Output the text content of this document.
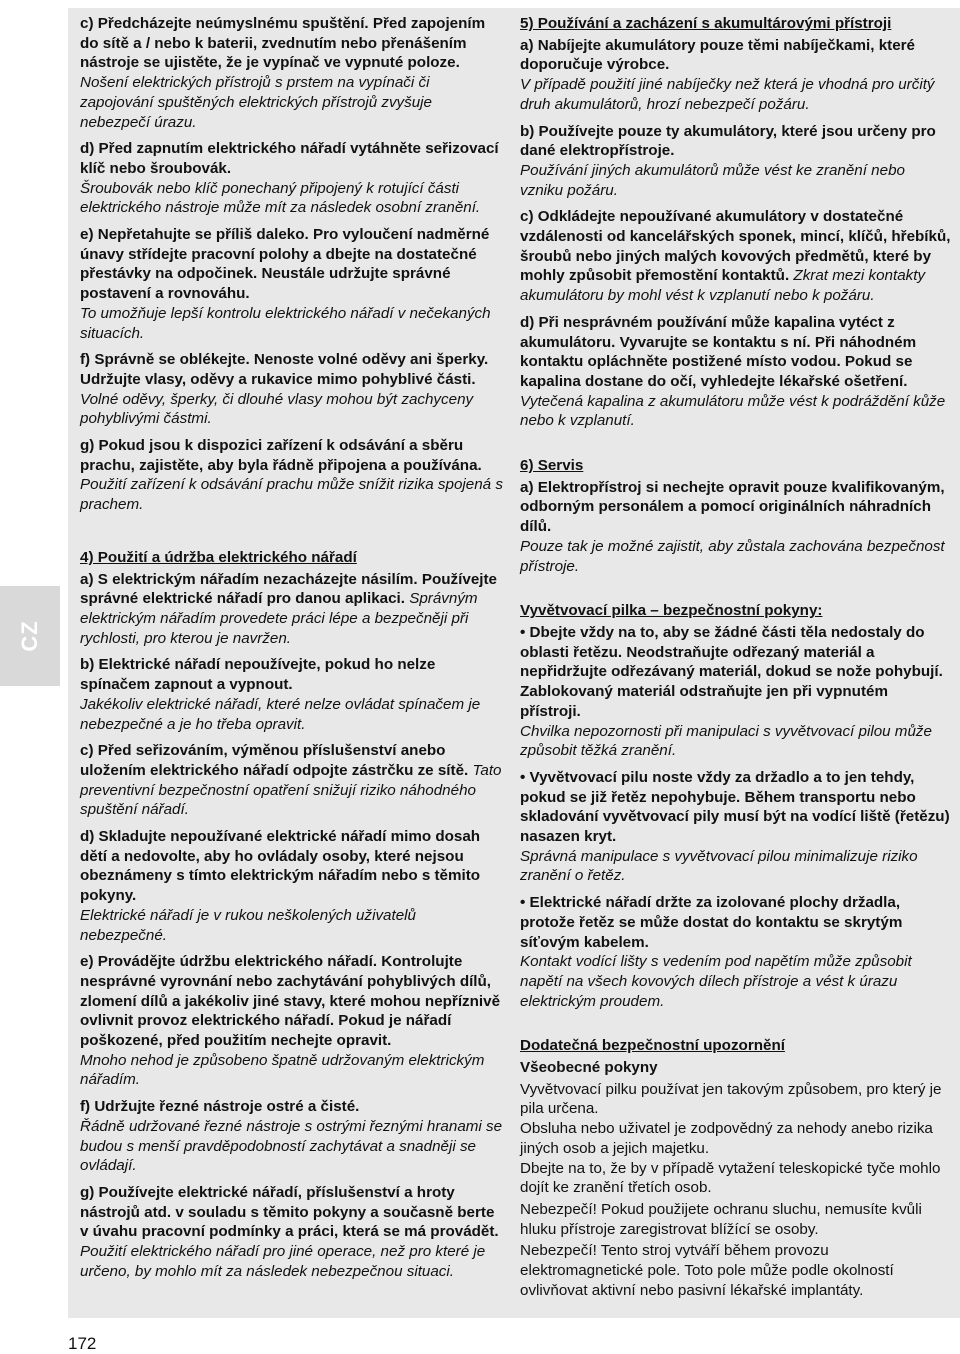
CZ

c) Předcházejte neúmyslnému spuštění. Před zapojením do sítě a / nebo k baterii, zvednutím nebo přenášením nástroje se ujistěte, že je vypínač ve vypnuté poloze.
Nošení elektrických přístrojů s prstem na vypínači či zapojování spuštěných elektrických přístrojů zvyšuje nebezpečí úrazu.

d) Před zapnutím elektrického nářadí vytáhněte seřizovací klíč nebo šroubovák.
Šroubovák nebo klíč ponechaný připojený k rotující části elektrického nástroje může mít za následek osobní zranění.

e) Nepřetahujte se příliš daleko. Pro vyloučení nadměrné únavy střídejte pracovní polohy a dbejte na dostatečné přestávky na odpočinek. Neustále udržujte správné postavení a rovnováhu.
To umožňuje lepší kontrolu elektrického nářadí v nečekaných situacích.

f) Správně se oblékejte. Nenoste volné oděvy ani šperky. Udržujte vlasy, oděvy a rukavice mimo pohyblivé části. Volné oděvy, šperky, či dlouhé vlasy mohou být zachyceny pohyblivými částmi.

g) Pokud jsou k dispozici zařízení k odsávání a sběru prachu, zajistěte, aby byla řádně připojena a používána. Použití zařízení k odsávání prachu může snížit rizika spojená s prachem.

4) Použití a údržba elektrického nářadí

a) S elektrickým nářadím nezacházejte násilím. Používejte správné elektrické nářadí pro danou aplikaci. Správným elektrickým nářadím provedete práci lépe a bezpečněji při rychlosti, pro kterou je navržen.

b) Elektrické nářadí nepoužívejte, pokud ho nelze spínačem zapnout a vypnout.
Jakékoliv elektrické nářadí, které nelze ovládat spínačem je nebezpečné a je ho třeba opravit.

c) Před seřizováním, výměnou příslušenství anebo uložením elektrického nářadí odpojte zástrčku ze sítě. Tato preventivní bezpečnostní opatření snižují riziko náhodného spuštění nářadí.

d) Skladujte nepoužívané elektrické nářadí mimo dosah dětí a nedovolte, aby ho ovládaly osoby, které nejsou obeznámeny s tímto elektrickým nářadím nebo s těmito pokyny.
Elektrické nářadí je v rukou neškolených uživatelů nebezpečné.

e) Provádějte údržbu elektrického nářadí. Kontrolujte nesprávné vyrovnání nebo zachytávání pohyblivých dílů, zlomení dílů a jakékoliv jiné stavy, které mohou nepříznivě ovlivnit provoz elektrického nářadí. Pokud je nářadí poškozené, před použitím nechejte opravit.
Mnoho nehod je způsobeno špatně udržovaným elektrickým nářadím.

f) Udržujte řezné nástroje ostré a čisté.
Řádně udržované řezné nástroje s ostrými řeznými hranami se budou s menší pravděpodobností zachytávat a snadněji se ovládají.

g) Používejte elektrické nářadí, příslušenství a hroty nástrojů atd. v souladu s těmito pokyny a současně berte v úvahu pracovní podmínky a práci, která se má provádět. Použití elektrického nářadí pro jiné operace, než pro které je určeno, by mohlo mít za následek nebezpečnou situaci.

5) Používání a zacházení s akumultárovými přístroji

a) Nabíjejte akumulátory pouze těmi nabíječkami, které doporučuje výrobce.
V případě použití jiné nabíječky než která je vhodná pro určitý druh akumulátorů, hrozí nebezpečí požáru.

b) Používejte pouze ty akumulátory, které jsou určeny pro dané elektropřístroje.
Používání jiných akumulátorů může vést ke zranění nebo vzniku požáru.

c) Odkládejte nepoužívané akumulátory v dostatečné vzdálenosti od kancelářských sponek, mincí, klíčů, hřebíků, šroubů nebo jiných malých kovových předmětů, které by mohly způsobit přemostění kontaktů. Zkrat mezi kontakty akumulátoru by mohl vést k vzplanutí nebo k požáru.

d) Při nesprávném používání může kapalina vytéct z akumulátoru. Vyvarujte se kontaktu s ní. Při náhodném kontaktu opláchněte postižené místo vodou. Pokud se kapalina dostane do očí, vyhledejte lékařské ošetření. Vytečená kapalina z akumulátoru může vést k podráždění kůže nebo k vzplanutí.

6) Servis

a) Elektropřístroj si nechejte opravit pouze kvalifikovaným, odborným personálem a pomocí originálních náhradních dílů.
Pouze tak je možné zajistit, aby zůstala zachována bezpečnost přístroje.

Vyvětvovací pilka – bezpečnostní pokyny:

• Dbejte vždy na to, aby se žádné části těla nedostaly do oblasti řetězu. Neodstraňujte odřezaný materiál a nepřidržujte odřezávaný materiál, dokud se nože pohybují. Zablokovaný materiál odstraňujte jen při vypnutém přístroji.
Chvilka nepozornosti při manipulaci s vyvětvovací pilou může způsobit těžká zranění.

• Vyvětvovací pilu noste vždy za držadlo a to jen tehdy, pokud se již řetěz nepohybuje. Během transportu nebo skladování vyvětvovací pily musí být na vodící liště (řetězu) nasazen kryt.
Správná manipulace s vyvětvovací pilou minimalizuje riziko zranění o řetěz.

• Elektrické nářadí držte za izolované plochy držadla, protože řetěz se může dostat do kontaktu se skrytým síťovým kabelem.
Kontakt vodící lišty s vedením pod napětím může způsobit napětí na všech kovových dílech přístroje a vést k úrazu elektrickým proudem.

Dodatečná bezpečnostní upozornění

Všeobecné pokyny

Vyvětvovací pilku používat jen takovým způsobem, pro který je pila určena.

Obsluha nebo uživatel je zodpovědný za nehody anebo rizika jiných osob a jejich majetku.

Dbejte na to, že by v případě vytažení teleskopické tyče mohlo dojít ke zranění třetích osob.

Nebezpečí! Pokud použijete ochranu sluchu, nemusíte kvůli hluku přístroje zaregistrovat blížící se osoby.

Nebezpečí! Tento stroj vytváří během provozu elektromagnetické pole. Toto pole může podle okolností ovlivňovat aktivní nebo pasivní lékařské implantáty.

172
